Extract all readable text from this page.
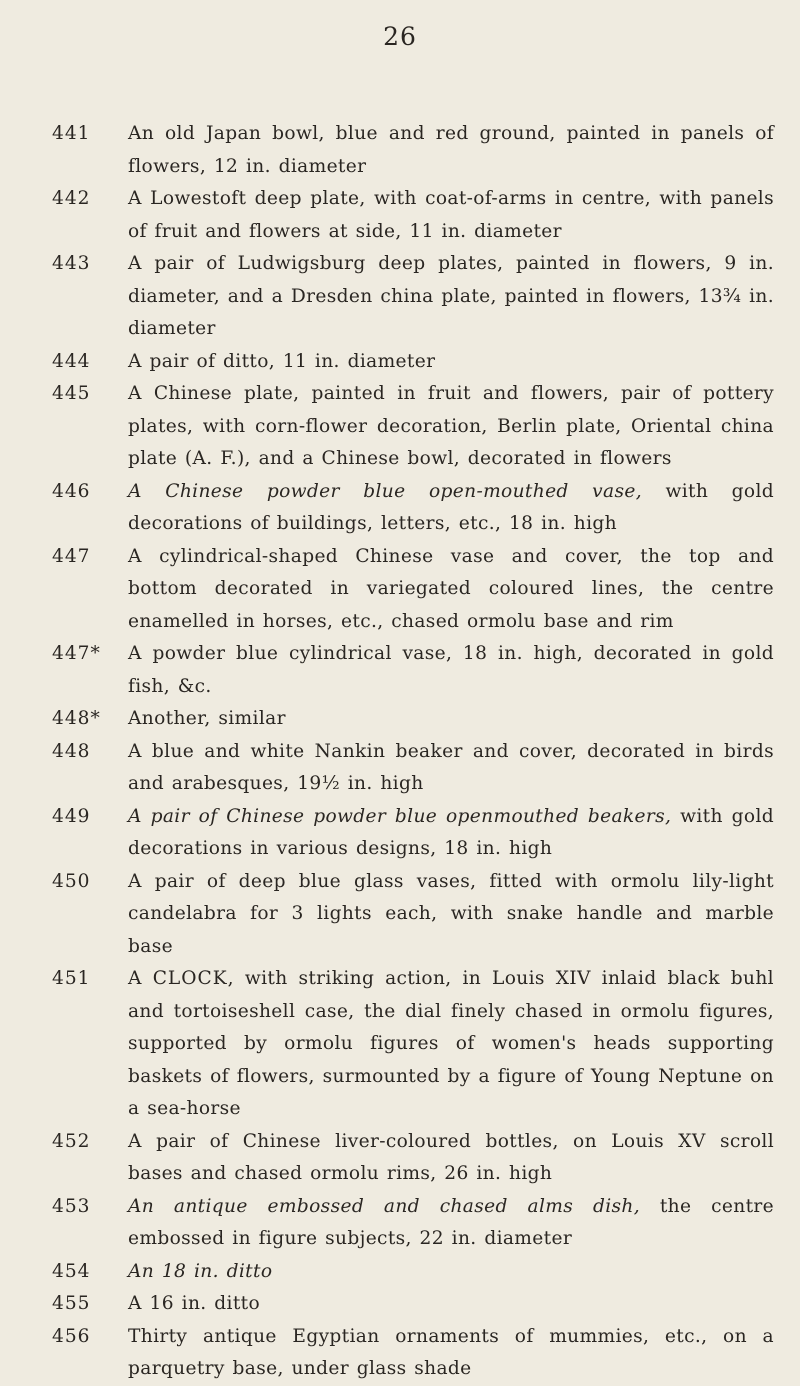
26
441	An old Japan bowl, blue and red ground, painted in panels of flowers, 12 in. diameter
442	A Lowestoft deep plate, with coat-of-arms in centre, with panels of fruit and flowers at side, 11 in. diameter
443	A pair of Ludwigsburg deep plates, painted in flowers, 9 in. diameter, and a Dresden china plate, painted in flowers, 13¾ in. diameter
444	A pair of ditto, 11 in. diameter
445	A Chinese plate, painted in fruit and flowers, pair of pottery plates, with corn-flower decoration, Berlin plate, Oriental china plate (A. F.), and a Chinese bowl, decorated in flowers
446	A Chinese powder blue open-mouthed vase, with gold decorations of buildings, letters, etc., 18 in. high
447	A cylindrical-shaped Chinese vase and cover, the top and bottom decorated in variegated coloured lines, the centre enamelled in horses, etc., chased ormolu base and rim
447*	A powder blue cylindrical vase, 18 in. high, decorated in gold fish, &c.
448*	Another, similar
448	A blue and white Nankin beaker and cover, decorated in birds and arabesques, 19½ in. high
449	A pair of Chinese powder blue openmouthed beakers, with gold decorations in various designs, 18 in. high
450	A pair of deep blue glass vases, fitted with ormolu lily-light candelabra for 3 lights each, with snake handle and marble base
451	A CLOCK, with striking action, in Louis XIV inlaid black buhl and tortoiseshell case, the dial finely chased in ormolu figures, supported by ormolu figures of women's heads supporting baskets of flowers, surmounted by a figure of Young Neptune on a sea-horse
452	A pair of Chinese liver-coloured bottles, on Louis XV scroll bases and chased ormolu rims, 26 in. high
453	An antique embossed and chased alms dish, the centre embossed in figure subjects, 22 in. diameter
454	An 18 in. ditto
455	A 16 in. ditto
456	Thirty antique Egyptian ornaments of mummies, etc., on a parquetry base, under glass shade
